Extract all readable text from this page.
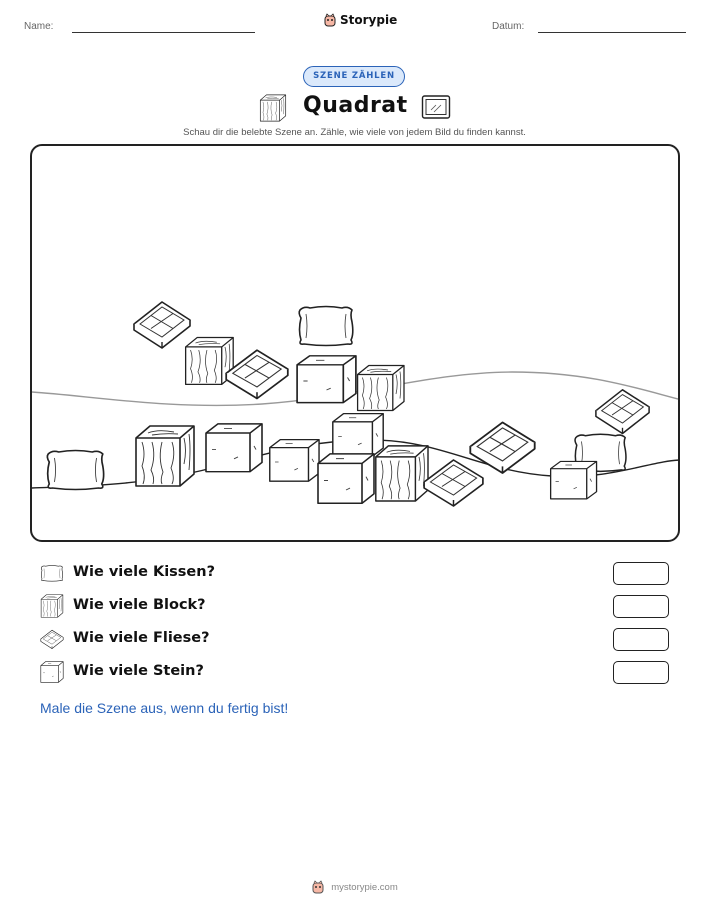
Name:	Storypie	Datum:
SZENE ZÄHLEN
Quadrat
Schau dir die belebte Szene an. Zähle, wie viele von jedem Bild du finden kannst.
Wie viele Kissen?
Wie viele Block?
Wie viele Fliese?
Wie viele Stein?
Male die Szene aus, wenn du fertig bist!
mystorypie.com
